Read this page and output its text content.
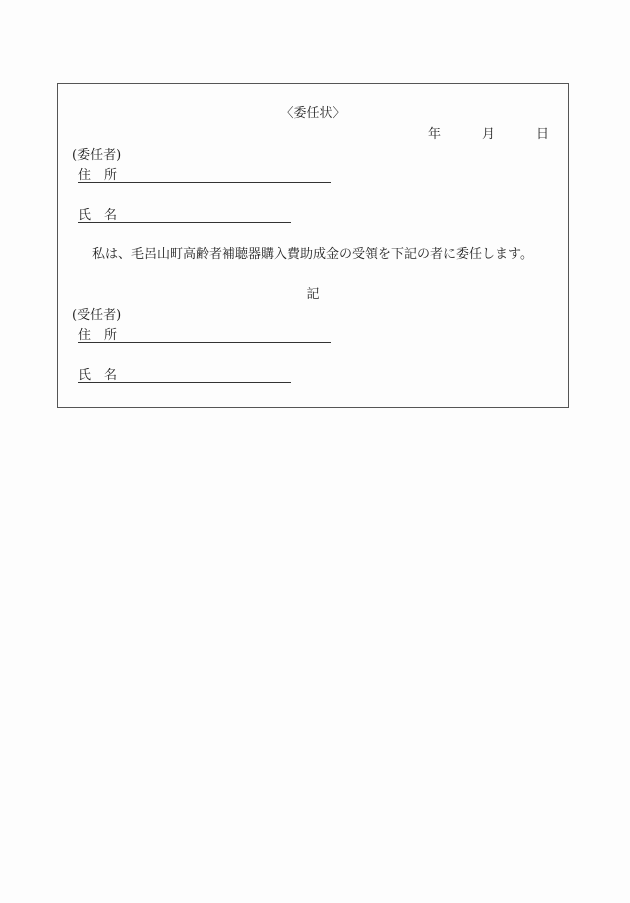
〈委任状〉
年	月	日
(委任者)
住　所
氏　名
私は、毛呂山町高齢者補聴器購入費助成金の受領を下記の者に委任します。
記
(受任者)
住　所
氏　名
